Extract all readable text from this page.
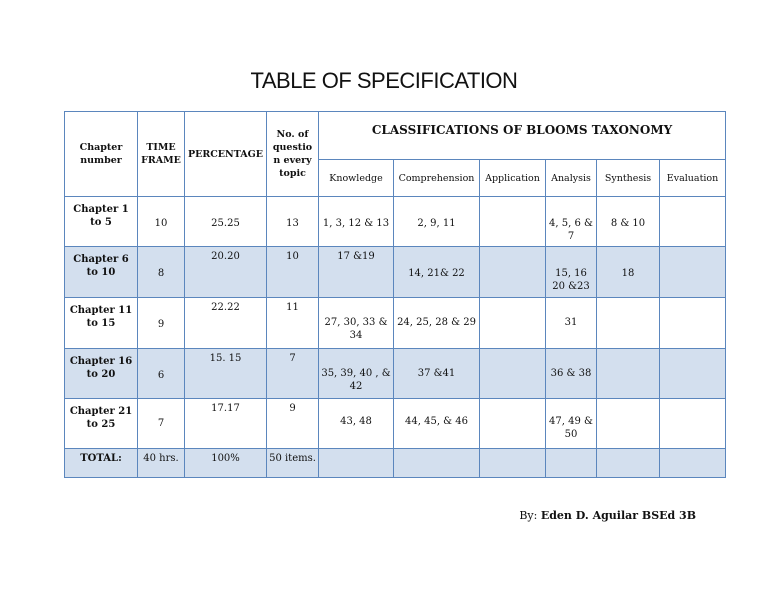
TABLE OF SPECIFICATION
Chapter number	TIME FRAME	PERCENTAGE	No. of questio n every topic	CLASSIFICATIONS OF BLOOMS TAXONOMY					
				Knowledge	Comprehension	Application	Analysis	Synthesis	Evaluation
Chapter 1 to 5	10	25.25	13	1, 3, 12 & 13	2, 9, 11		4, 5, 6 & 7	8 & 10	
Chapter 6 to 10	8	20.20	10	17 &19	14, 21& 22		15, 16 20 &23	18	
Chapter 11 to 15	9	22.22	11	27, 30, 33 & 34	24, 25, 28 & 29		31		
Chapter 16 to 20	6	15. 15	7	35, 39, 40 , & 42	37 &41		36 & 38		
Chapter 21 to 25	7	17.17	9	43, 48	44, 45, & 46		47, 49 & 50		
TOTAL:	40 hrs.	100%	50 items.						
By: Eden D. Aguilar BSEd 3B
